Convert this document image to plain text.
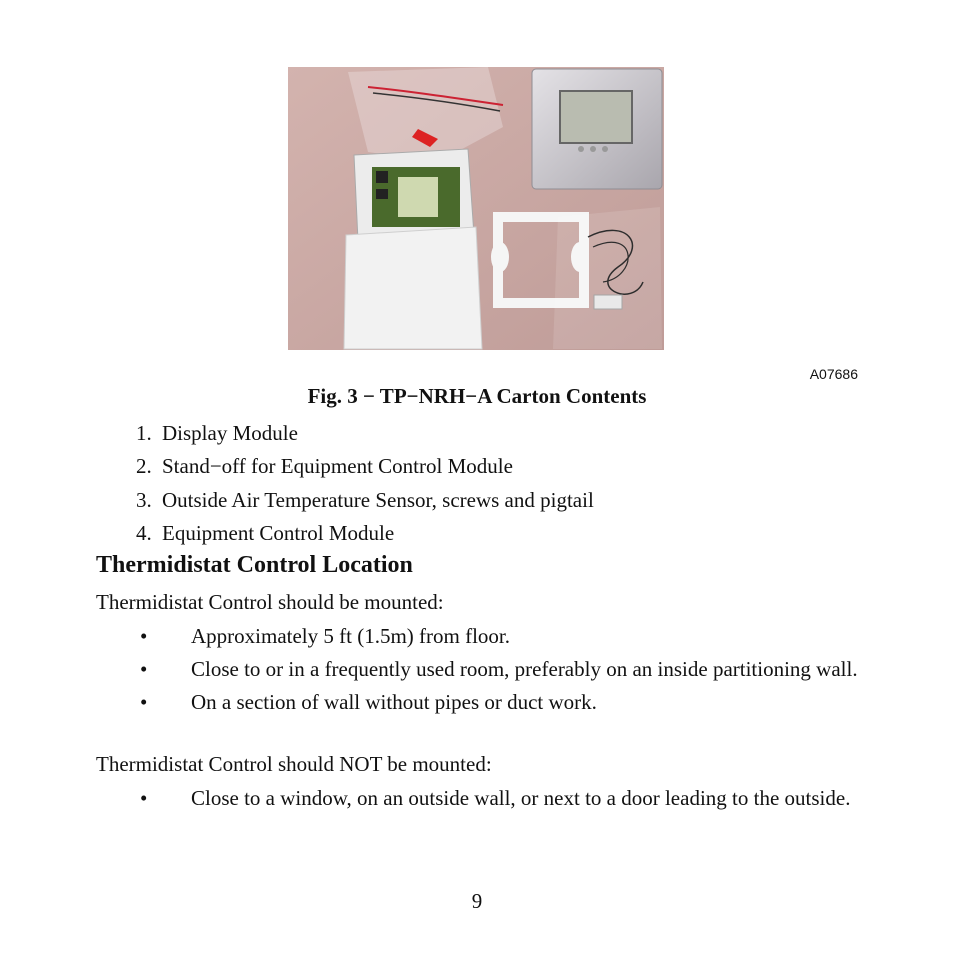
A07686
Fig. 3 − TP−NRH−A Carton Contents
1. Display Module
2. Stand−off for Equipment Control Module
3. Outside Air Temperature Sensor, screws and pigtail
4. Equipment Control Module
Thermidistat Control Location
Thermidistat Control should be mounted:
• Approximately 5 ft (1.5m) from floor.
• Close to or in a frequently used room, preferably on an inside partitioning wall.
• On a section of wall without pipes or duct work.
Thermidistat Control should NOT be mounted:
• Close to a window, on an outside wall, or next to a door leading to the outside.
9
